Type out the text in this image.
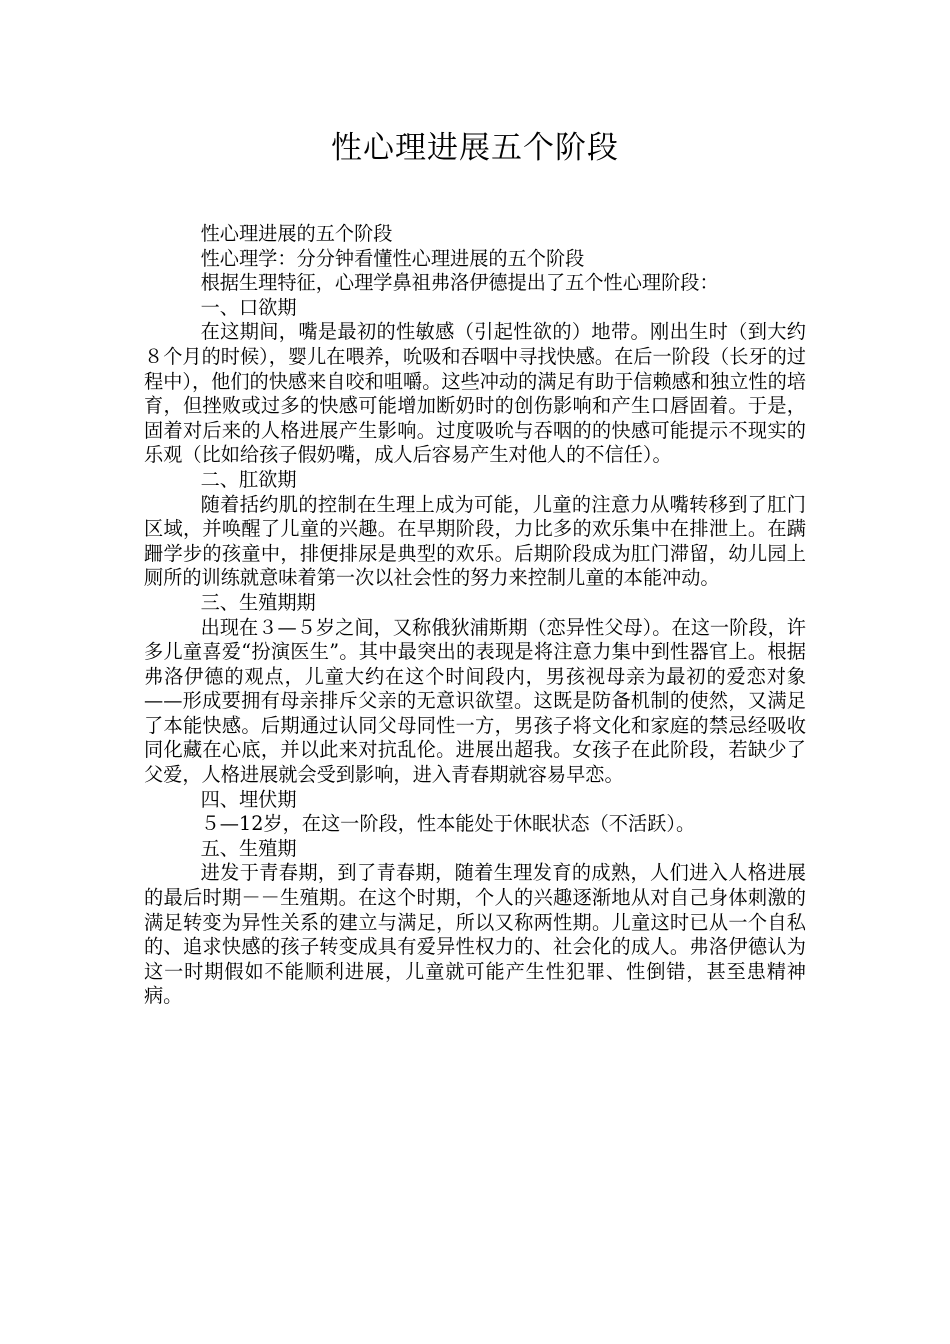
性心理进展五个阶段

性心理进展的五个阶段

性心理学：分分钟看懂性心理进展的五个阶段

根据生理特征，心理学鼻祖弗洛伊德提出了五个性心理阶段：

一、口欲期

在这期间，嘴是最初的性敏感（引起性欲的）地带。刚出生时（到大约８个月的时候），婴儿在喂养，吮吸和吞咽中寻找快感。在后一阶段（长牙的过程中），他们的快感来自咬和咀嚼。这些冲动的满足有助于信赖感和独立性的培育，但挫败或过多的快感可能增加断奶时的创伤影响和产生口唇固着。于是，固着对后来的人格进展产生影响。过度吸吮与吞咽的的快感可能提示不现实的乐观（比如给孩子假奶嘴，成人后容易产生对他人的不信任）。

二、肛欲期

随着括约肌的控制在生理上成为可能，儿童的注意力从嘴转移到了肛门区域，并唤醒了儿童的兴趣。在早期阶段，力比多的欢乐集中在排泄上。在蹒跚学步的孩童中，排便排尿是典型的欢乐。后期阶段成为肛门滞留，幼儿园上厕所的训练就意味着第一次以社会性的努力来控制儿童的本能冲动。

三、生殖期期

出现在３—５岁之间，又称俄狄浦斯期（恋异性父母）。在这一阶段，许多儿童喜爱“扮演医生”。其中最突出的表现是将注意力集中到性器官上。根据弗洛伊德的观点，儿童大约在这个时间段内，男孩视母亲为最初的爱恋对象——形成要拥有母亲排斥父亲的无意识欲望。这既是防备机制的使然，又满足了本能快感。后期通过认同父母同性一方，男孩子将文化和家庭的禁忌经吸收同化藏在心底，并以此来对抗乱伦。进展出超我。女孩子在此阶段，若缺少了父爱，人格进展就会受到影响，进入青春期就容易早恋。

四、埋伏期

５—12岁，在这一阶段，性本能处于休眠状态（不活跃）。

五、生殖期

进发于青春期，到了青春期，随着生理发育的成熟，人们进入人格进展的最后时期－－生殖期。在这个时期，个人的兴趣逐渐地从对自己身体刺激的满足转变为异性关系的建立与满足，所以又称两性期。儿童这时已从一个自私的、追求快感的孩子转变成具有爱异性权力的、社会化的成人。弗洛伊德认为这一时期假如不能顺利进展，儿童就可能产生性犯罪、性倒错，甚至患精神病。
